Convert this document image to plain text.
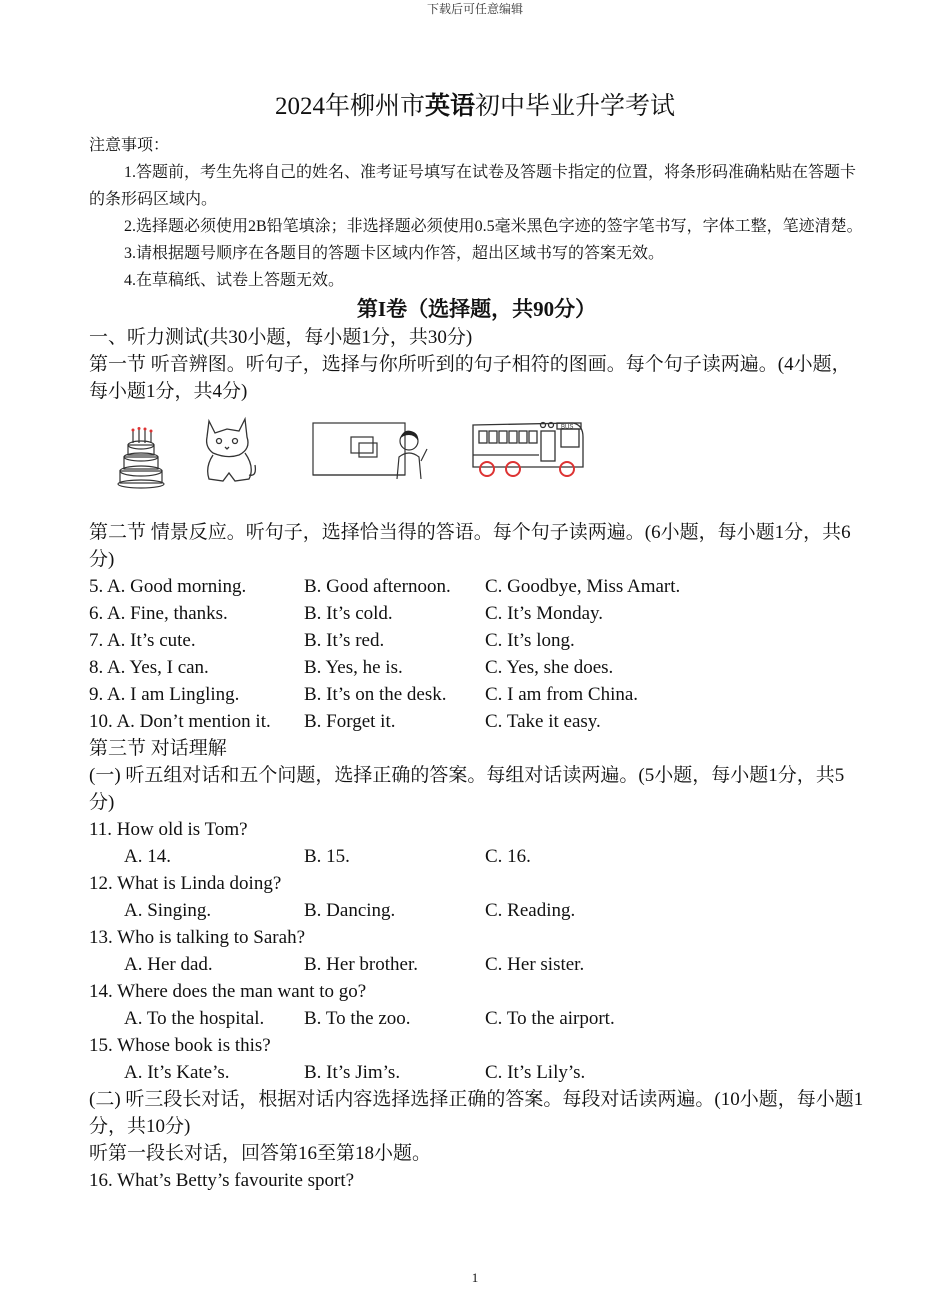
下载后可任意编辑
2024年柳州市英语初中毕业升学考试

注意事项：

1.答题前，考生先将自己的姓名、准考证号填写在试卷及答题卡指定的位置，将条形码准确粘贴在答题卡的条形码区域内。

2.选择题必须使用2B铅笔填涂；非选择题必须使用0.5毫米黑色字迹的签字笔书写，字体工整，笔迹清楚。

3.请根据题号顺序在各题目的答题卡区域内作答，超出区域书写的答案无效。

4.在草稿纸、试卷上答题无效。

第I卷（选择题，共90分）

一、听力测试(共30小题，每小题1分，共30分)

第一节 听音辨图。听句子，选择与你所听到的句子相符的图画。每个句子读两遍。(4小题，每小题1分，共4分)

BUS

第二节 情景反应。听句子，选择恰当得的答语。每个句子读两遍。(6小题，每小题1分，共6分)

5. A. Good morning.	B. Good afternoon.	C. Goodbye, Miss Amart.
6. A. Fine, thanks.	B. It’s cold.	C. It’s Monday.
7. A. It’s cute.	B. It’s red.	C. It’s long.
8. A. Yes, I can.	B. Yes, he is.	C. Yes, she does.
9. A. I am Lingling.	B. It’s on the desk.	C. I am from China.
10. A. Don’t mention it.	B. Forget it.	C. Take it easy.

第三节 对话理解

(一) 听五组对话和五个问题，选择正确的答案。每组对话读两遍。(5小题，每小题1分，共5分)

11. How old is Tom?

A. 14.	B. 15.	C. 16.

12. What is Linda doing?

A. Singing.	B. Dancing.	C. Reading.

13. Who is talking to Sarah?

A. Her dad.	B. Her brother.	C. Her sister.

14. Where does the man want to go?

A. To the hospital.	B. To the zoo.	C. To the airport.

15. Whose book is this?

A. It’s Kate’s.	B. It’s Jim’s.	C. It’s Lily’s.

(二) 听三段长对话，根据对话内容选择选择正确的答案。每段对话读两遍。(10小题，每小题1分，共10分)

听第一段长对话，回答第16至第18小题。

16. What’s Betty’s favourite sport?

1
